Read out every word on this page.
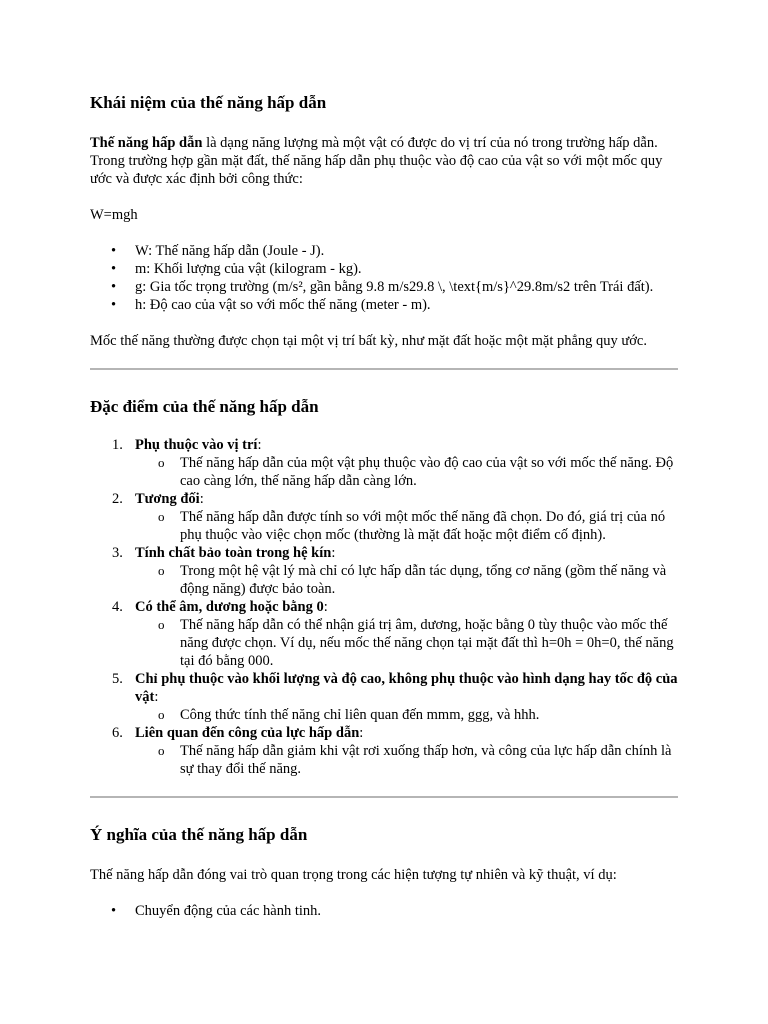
Khái niệm của thế năng hấp dẫn

Thế năng hấp dẫn là dạng năng lượng mà một vật có được do vị trí của nó trong trường hấp dẫn. Trong trường hợp gần mặt đất, thế năng hấp dẫn phụ thuộc vào độ cao của vật so với một mốc quy ước và được xác định bởi công thức:

W=mgh

• W: Thế năng hấp dẫn (Joule - J).
• m: Khối lượng của vật (kilogram - kg).
• g: Gia tốc trọng trường (m/s², gần bằng 9.8 m/s29.8 \, \text{m/s}^29.8m/s2 trên Trái đất).
• h: Độ cao của vật so với mốc thế năng (meter - m).

Mốc thế năng thường được chọn tại một vị trí bất kỳ, như mặt đất hoặc một mặt phẳng quy ước.

Đặc điểm của thế năng hấp dẫn
1. Phụ thuộc vào vị trí:
o Thế năng hấp dẫn của một vật phụ thuộc vào độ cao của vật so với mốc thế năng. Độ cao càng lớn, thế năng hấp dẫn càng lớn.
2. Tương đối:
o Thế năng hấp dẫn được tính so với một mốc thế năng đã chọn. Do đó, giá trị của nó phụ thuộc vào việc chọn mốc (thường là mặt đất hoặc một điểm cố định).
3. Tính chất bảo toàn trong hệ kín:
o Trong một hệ vật lý mà chỉ có lực hấp dẫn tác dụng, tổng cơ năng (gồm thế năng và động năng) được bảo toàn.
4. Có thể âm, dương hoặc bằng 0:
o Thế năng hấp dẫn có thể nhận giá trị âm, dương, hoặc bằng 0 tùy thuộc vào mốc thế năng được chọn. Ví dụ, nếu mốc thế năng chọn tại mặt đất thì h=0h = 0h=0, thế năng tại đó bằng 000.
5. Chỉ phụ thuộc vào khối lượng và độ cao, không phụ thuộc vào hình dạng hay tốc độ của vật:
o Công thức tính thế năng chỉ liên quan đến mmm, ggg, và hhh.
6. Liên quan đến công của lực hấp dẫn:
o Thế năng hấp dẫn giảm khi vật rơi xuống thấp hơn, và công của lực hấp dẫn chính là sự thay đổi thế năng.
Ý nghĩa của thế năng hấp dẫn

Thế năng hấp dẫn đóng vai trò quan trọng trong các hiện tượng tự nhiên và kỹ thuật, ví dụ:

• Chuyển động của các hành tinh.
